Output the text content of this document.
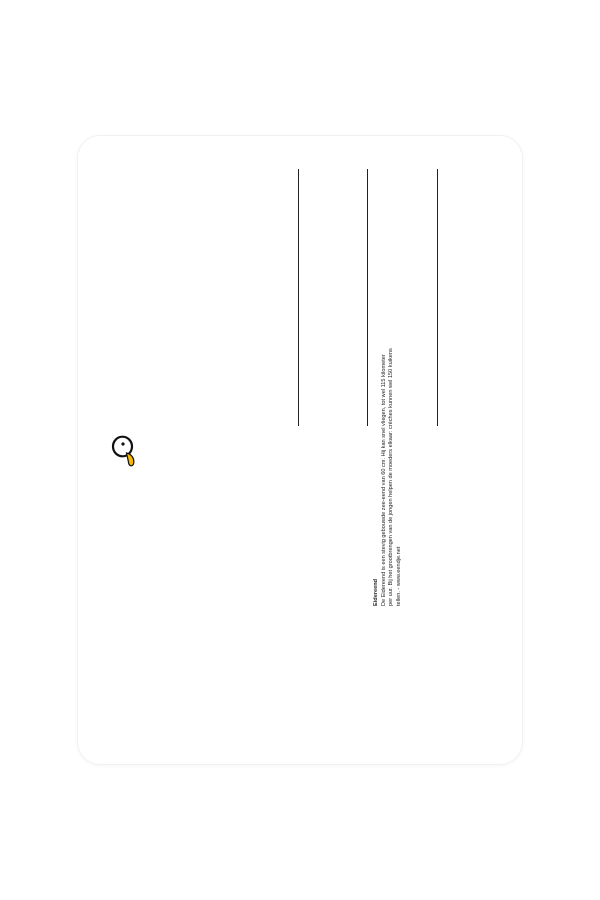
Eidereend De Eidereend is een stevig gebouwde zee-eend van 60 cm. Hij kan snel vliegen, tot wel 115 kilometer per uur. Bij het grootbrengen van de jongen helpen de moeders elkaar: crèches kunnen wel 150 kuikens tellen. - www.eendje.net
